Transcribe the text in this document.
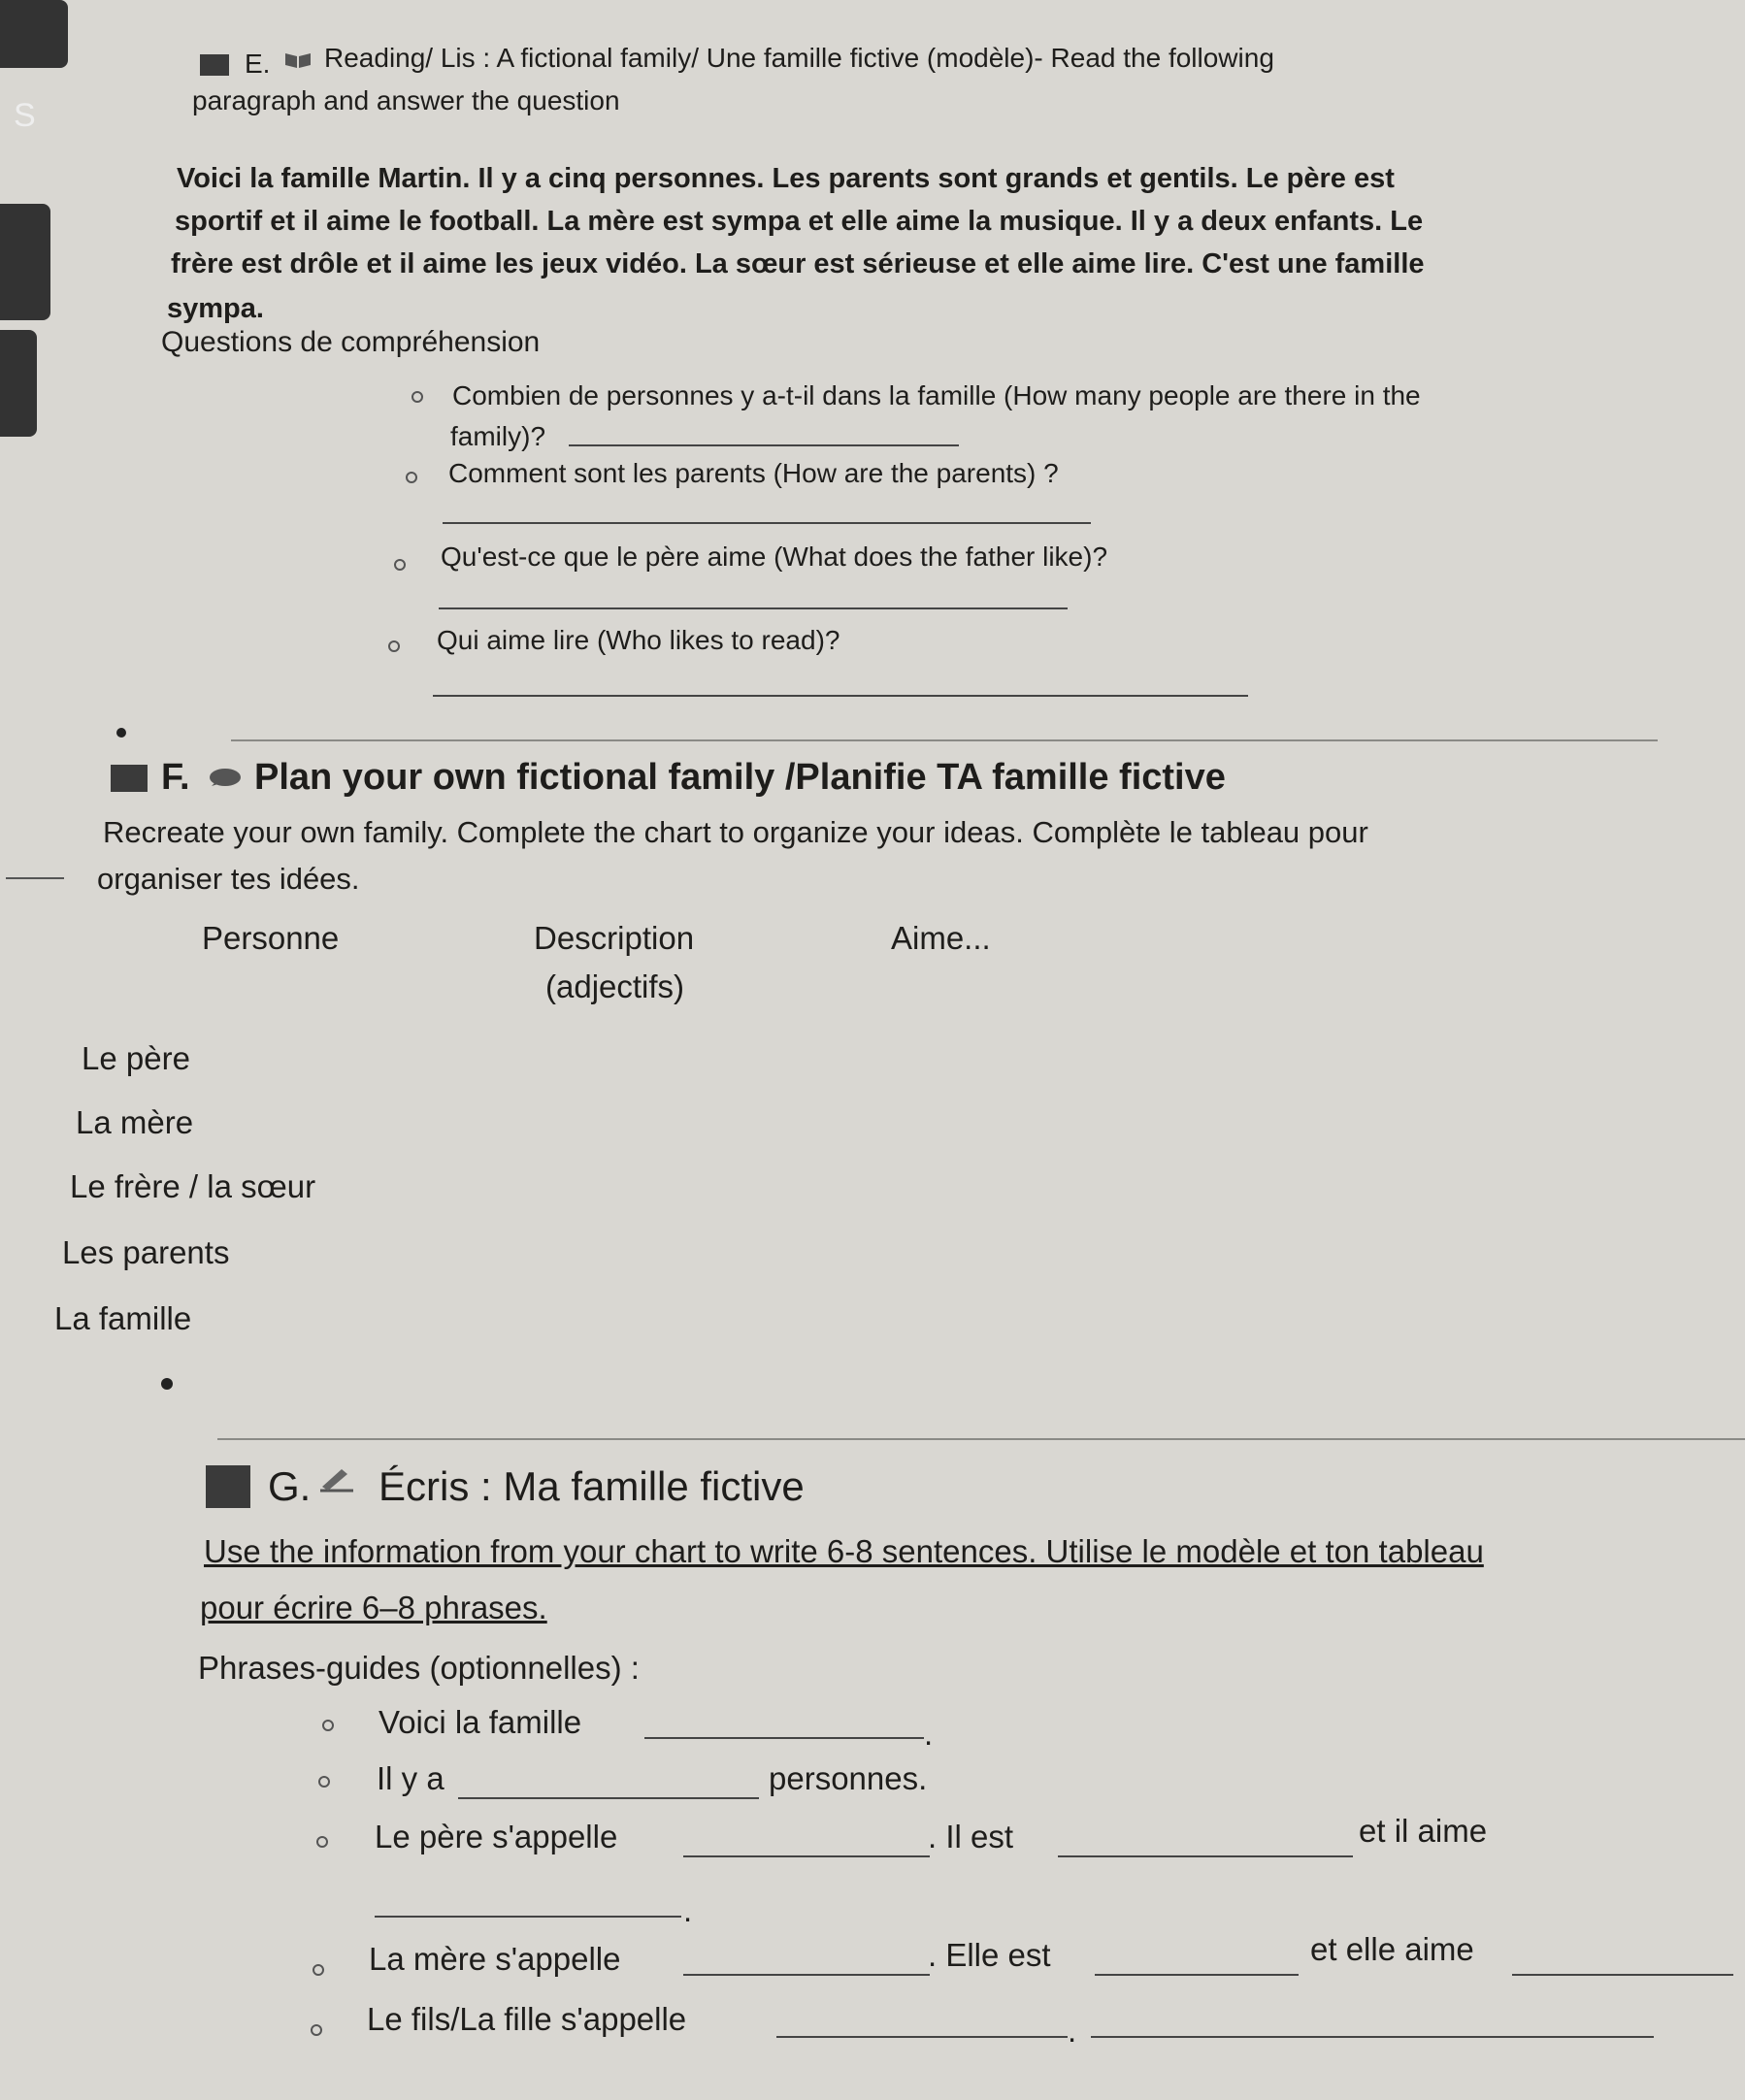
S
E. Reading/ Lis : A fictional family/ Une famille fictive (modèle)- Read the following
paragraph and answer the question
Voici la famille Martin. Il y a cinq personnes. Les parents sont grands et gentils. Le père est
sportif et il aime le football. La mère est sympa et elle aime la musique. Il y a deux enfants. Le
frère est drôle et il aime les jeux vidéo. La sœur est sérieuse et elle aime lire. C'est une famille
sympa.
Questions de compréhension
Combien de personnes y a-t-il dans la famille (How many people are there in the
family)?
Comment sont les parents (How are the parents) ?
Qu'est-ce que le père aime (What does the father like)?
Qui aime lire (Who likes to read)?
F. Plan your own fictional family /Planifie TA famille fictive
Recreate your own family. Complete the chart to organize your ideas. Complète le tableau pour
organiser tes idées.
Personne	Description	Aime...
(adjectifs)
Le père
La mère
Le frère / la sœur
Les parents
La famille
G. Écris : Ma famille fictive
Use the information from your chart to write 6-8 sentences. Utilise le modèle et ton tableau
pour écrire 6–8 phrases.
Phrases-guides (optionnelles) :
Voici la famille	.
Il y a	personnes.
Le père s'appelle	. Il est	et il aime
.
La mère s'appelle	. Elle est	et elle aime
Le fils/La fille s'appelle	.
